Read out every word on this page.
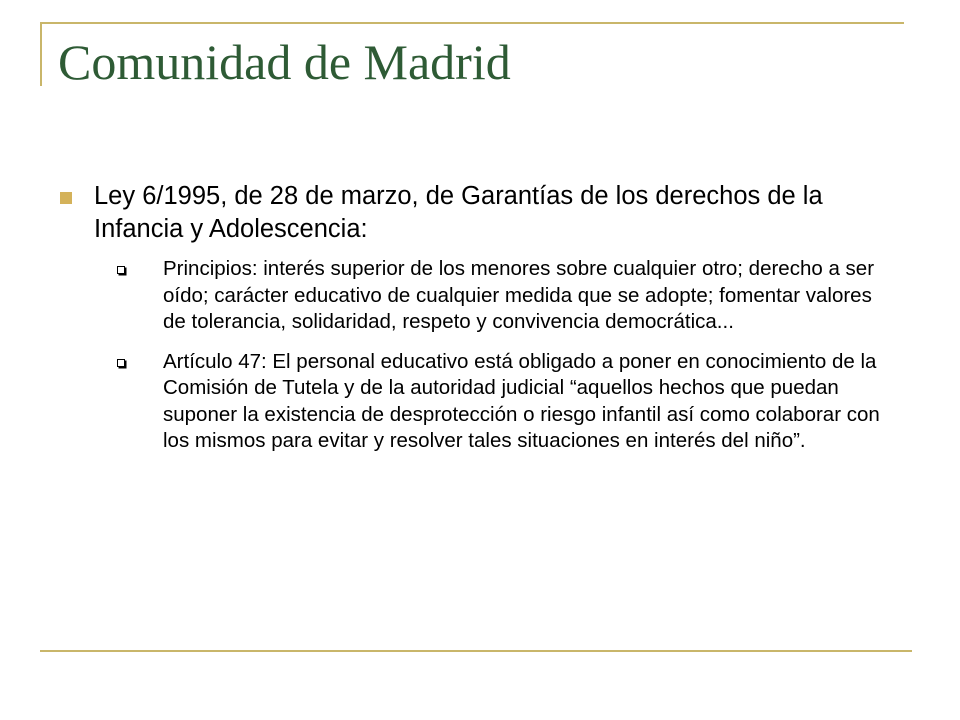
Comunidad de Madrid
Ley 6/1995, de 28 de marzo, de Garantías de los derechos de la Infancia y Adolescencia:
Principios: interés superior de los menores sobre cualquier otro; derecho a ser oído; carácter educativo de cualquier medida que se adopte; fomentar valores de tolerancia, solidaridad, respeto y convivencia democrática...
Artículo 47: El personal educativo está obligado a poner en conocimiento de la Comisión de Tutela y de la autoridad judicial “aquellos hechos que puedan suponer la existencia de desprotección o riesgo infantil así como colaborar con los mismos para evitar y resolver tales situaciones en interés del niño”.
